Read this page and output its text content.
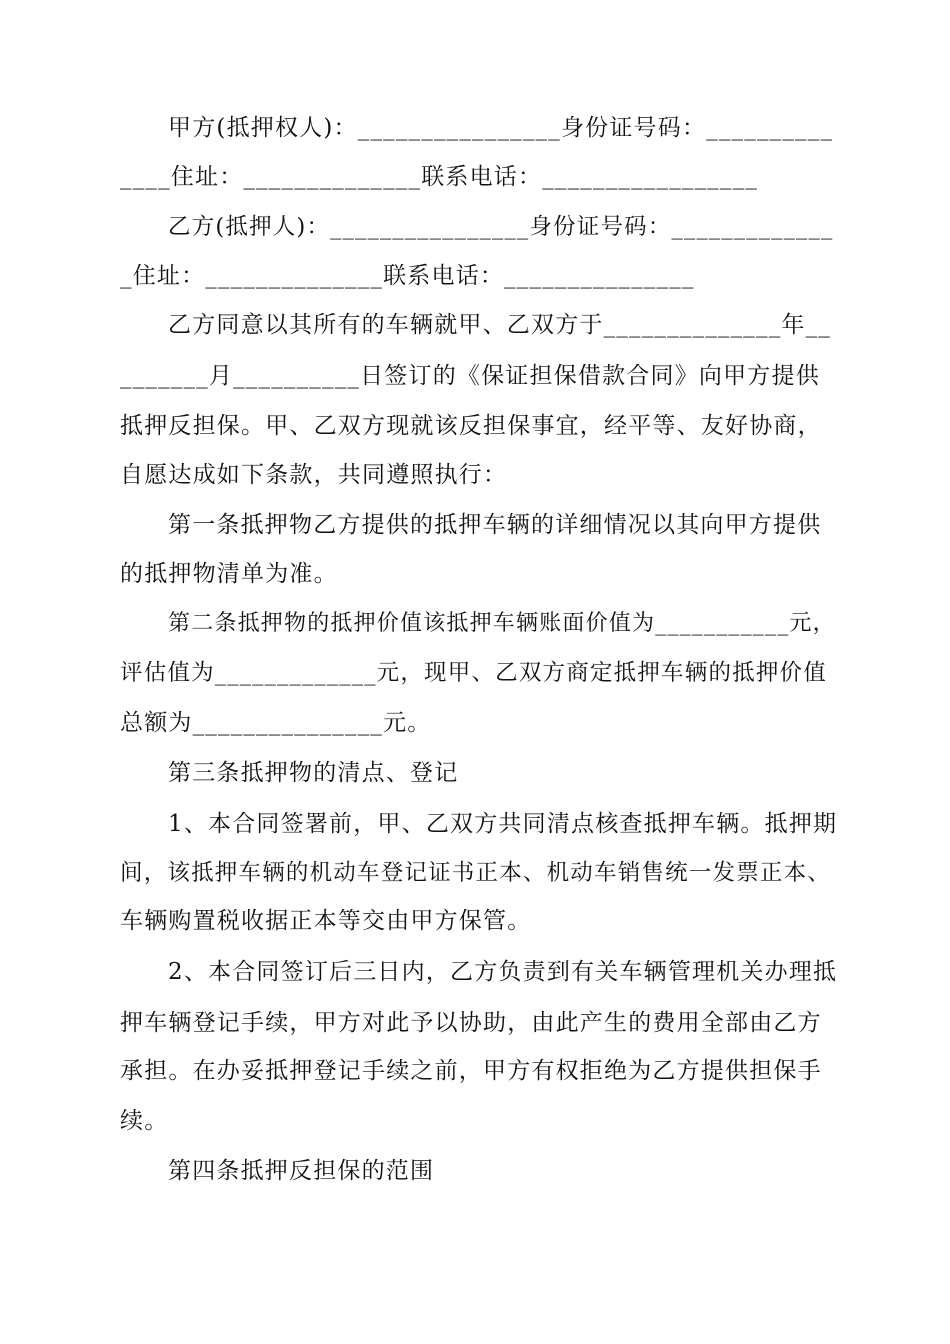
甲方(抵押权人)：________________身份证号码：__________
____住址：______________联系电话：_________________
乙方(抵押人)：________________身份证号码：_____________
_住址：______________联系电话：_______________
乙方同意以其所有的车辆就甲、乙双方于______________年__
_______月__________日签订的《保证担保借款合同》向甲方提供
抵押反担保。甲、乙双方现就该反担保事宜，经平等、友好协商，
自愿达成如下条款，共同遵照执行：
第一条抵押物乙方提供的抵押车辆的详细情况以其向甲方提供
的抵押物清单为准。
第二条抵押物的抵押价值该抵押车辆账面价值为___________元，
评估值为_____________元，现甲、乙双方商定抵押车辆的抵押价值
总额为_______________元。
第三条抵押物的清点、登记
1、本合同签署前，甲、乙双方共同清点核查抵押车辆。抵押期
间，该抵押车辆的机动车登记证书正本、机动车销售统一发票正本、
车辆购置税收据正本等交由甲方保管。
2、本合同签订后三日内，乙方负责到有关车辆管理机关办理抵
押车辆登记手续，甲方对此予以协助，由此产生的费用全部由乙方
承担。在办妥抵押登记手续之前，甲方有权拒绝为乙方提供担保手
续。
第四条抵押反担保的范围
